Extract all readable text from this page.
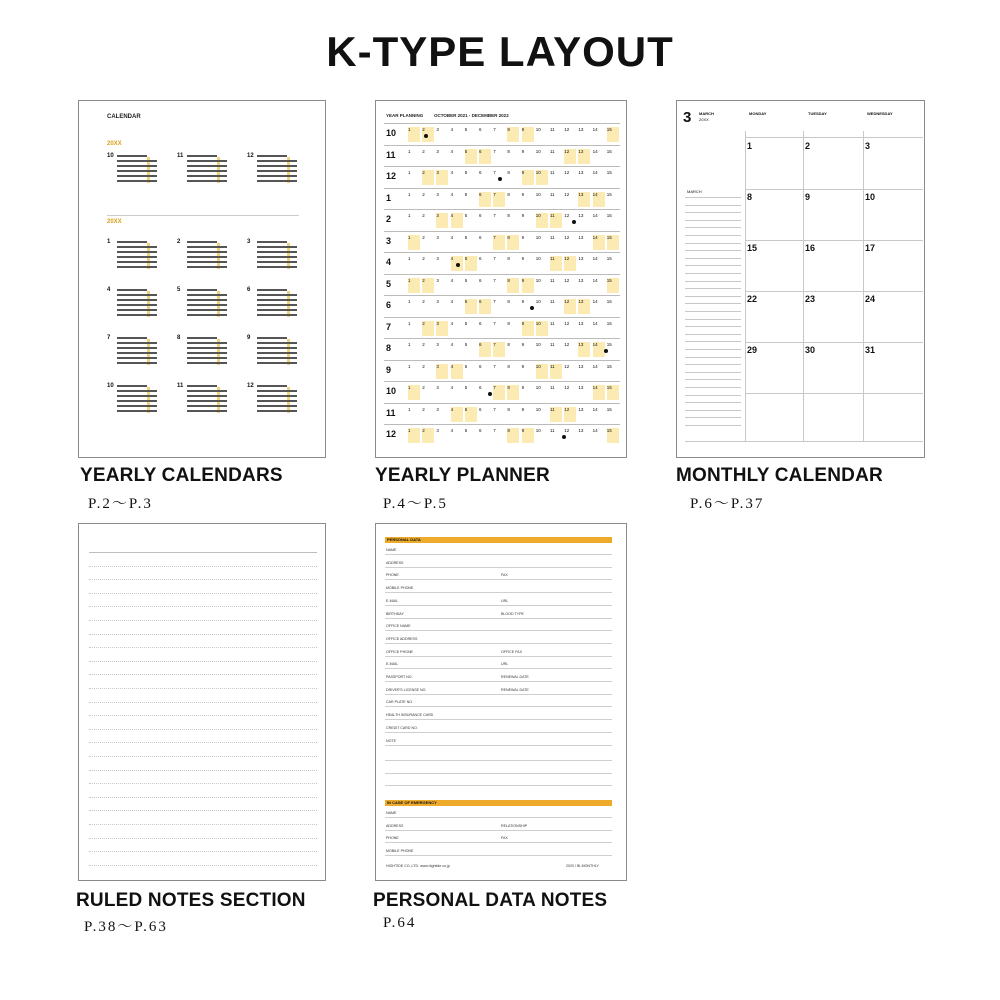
K-TYPE LAYOUT
CALENDAR
20XX
20XX
10	11	12
1	2	3
4	5	6
7	8	9
10	11	12
YEARLY CALENDARS
P.2～P.3
YEAR PLANNING OCTOBER 2021 - DECEMBER 2022
10	1	2	3	4	5	6	7	8	9	10	11	12	13	14	15
11	1	2	3	4	5	6	7	8	9	10	11	12	13	14	15
12	1	2	3	4	5	6	7	8	9	10	11	12	13	14	15
1	1	2	3	4	5	6	7	8	9	10	11	12	13	14	15
2	1	2	3	4	5	6	7	8	9	10	11	12	13	14	15
3	1	2	3	4	5	6	7	8	9	10	11	12	13	14	15
4	1	2	3	4	5	6	7	8	9	10	11	12	13	14	15
5	1	2	3	4	5	6	7	8	9	10	11	12	13	14	15
6	1	2	3	4	5	6	7	8	9	10	11	12	13	14	15
7	1	2	3	4	5	6	7	8	9	10	11	12	13	14	15
8	1	2	3	4	5	6	7	8	9	10	11	12	13	14	15
9	1	2	3	4	5	6	7	8	9	10	11	12	13	14	15
10	1	2	3	4	5	6	7	8	9	10	11	12	13	14	15
11	1	2	3	4	5	6	7	8	9	10	11	12	13	14	15
12	1	2	3	4	5	6	7	8	9	10	11	12	13	14	15
YEARLY PLANNER
P.4～P.5
3 MARCH
20XX
MONDAY	TUESDAY	WEDNESDAY
MARCH
1	2	3
8	9	10
15	16	17
22	23	24
29	30	31
MONTHLY CALENDAR
P.6～P.37
RULED NOTES SECTION
P.38～P.63
PERSONAL DATA
IN CASE OF EMERGENCY
HIGHTIDE CO.,LTD. www.hightide.co.jp	2020 / BI-MONTHLY
NAME
ADDRESS
PHONE	FAX
MOBILE PHONE
E-MAIL	URL
BIRTHDAY	BLOOD TYPE
OFFICE NAME
OFFICE ADDRESS
OFFICE PHONE	OFFICE FAX
E-MAIL	URL
PASSPORT NO.	RENEWAL DATE
DRIVER'S LICENSE NO.	RENEWAL DATE
CAR PLATE NO.
HEALTH INSURANCE CARD
CREDIT CARD NO.
NOTE
NAME
ADDRESS	RELATIONSHIP
PHONE	FAX
MOBILE PHONE
PERSONAL DATA NOTES
P.64
